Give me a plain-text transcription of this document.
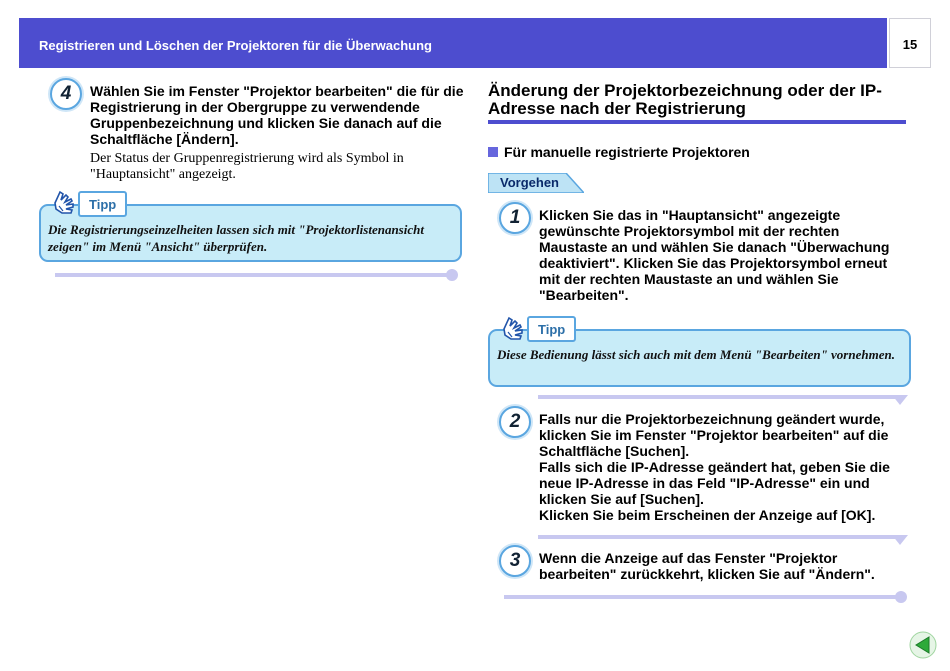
Registrieren und Löschen der Projektoren für die Überwachung	15
4	Wählen Sie im Fenster "Projektor bearbeiten" die für die Registrierung in der Obergruppe zu verwendende Gruppenbezeichnung und klicken Sie danach auf die Schaltfläche [Ändern].
Der Status der Gruppenregistrierung wird als Symbol in "Hauptansicht" angezeigt.
Tipp
Die Registrierungseinzelheiten lassen sich mit "Projektorlistenansicht zeigen" im Menü "Ansicht" überprüfen.
Änderung der Projektorbezeichnung oder der IP-Adresse nach der Registrierung
Für manuelle registrierte Projektoren
Vorgehen
1	Klicken Sie das in "Hauptansicht" angezeigte gewünschte Projektorsymbol mit der rechten Maustaste an und wählen Sie danach "Überwachung deaktiviert". Klicken Sie das Projektorsymbol erneut mit der rechten Maustaste an und wählen Sie "Bearbeiten".
Tipp
Diese Bedienung lässt sich auch mit dem Menü "Bearbeiten" vornehmen.
2	Falls nur die Projektorbezeichnung geändert wurde, klicken Sie im Fenster "Projektor bearbeiten" auf die Schaltfläche [Suchen].
Falls sich die IP-Adresse geändert hat, geben Sie die neue IP-Adresse in das Feld "IP-Adresse" ein und klicken Sie auf [Suchen].
Klicken Sie beim Erscheinen der Anzeige auf [OK].
3	Wenn die Anzeige auf das Fenster "Projektor bearbeiten" zurückkehrt, klicken Sie auf "Ändern".
